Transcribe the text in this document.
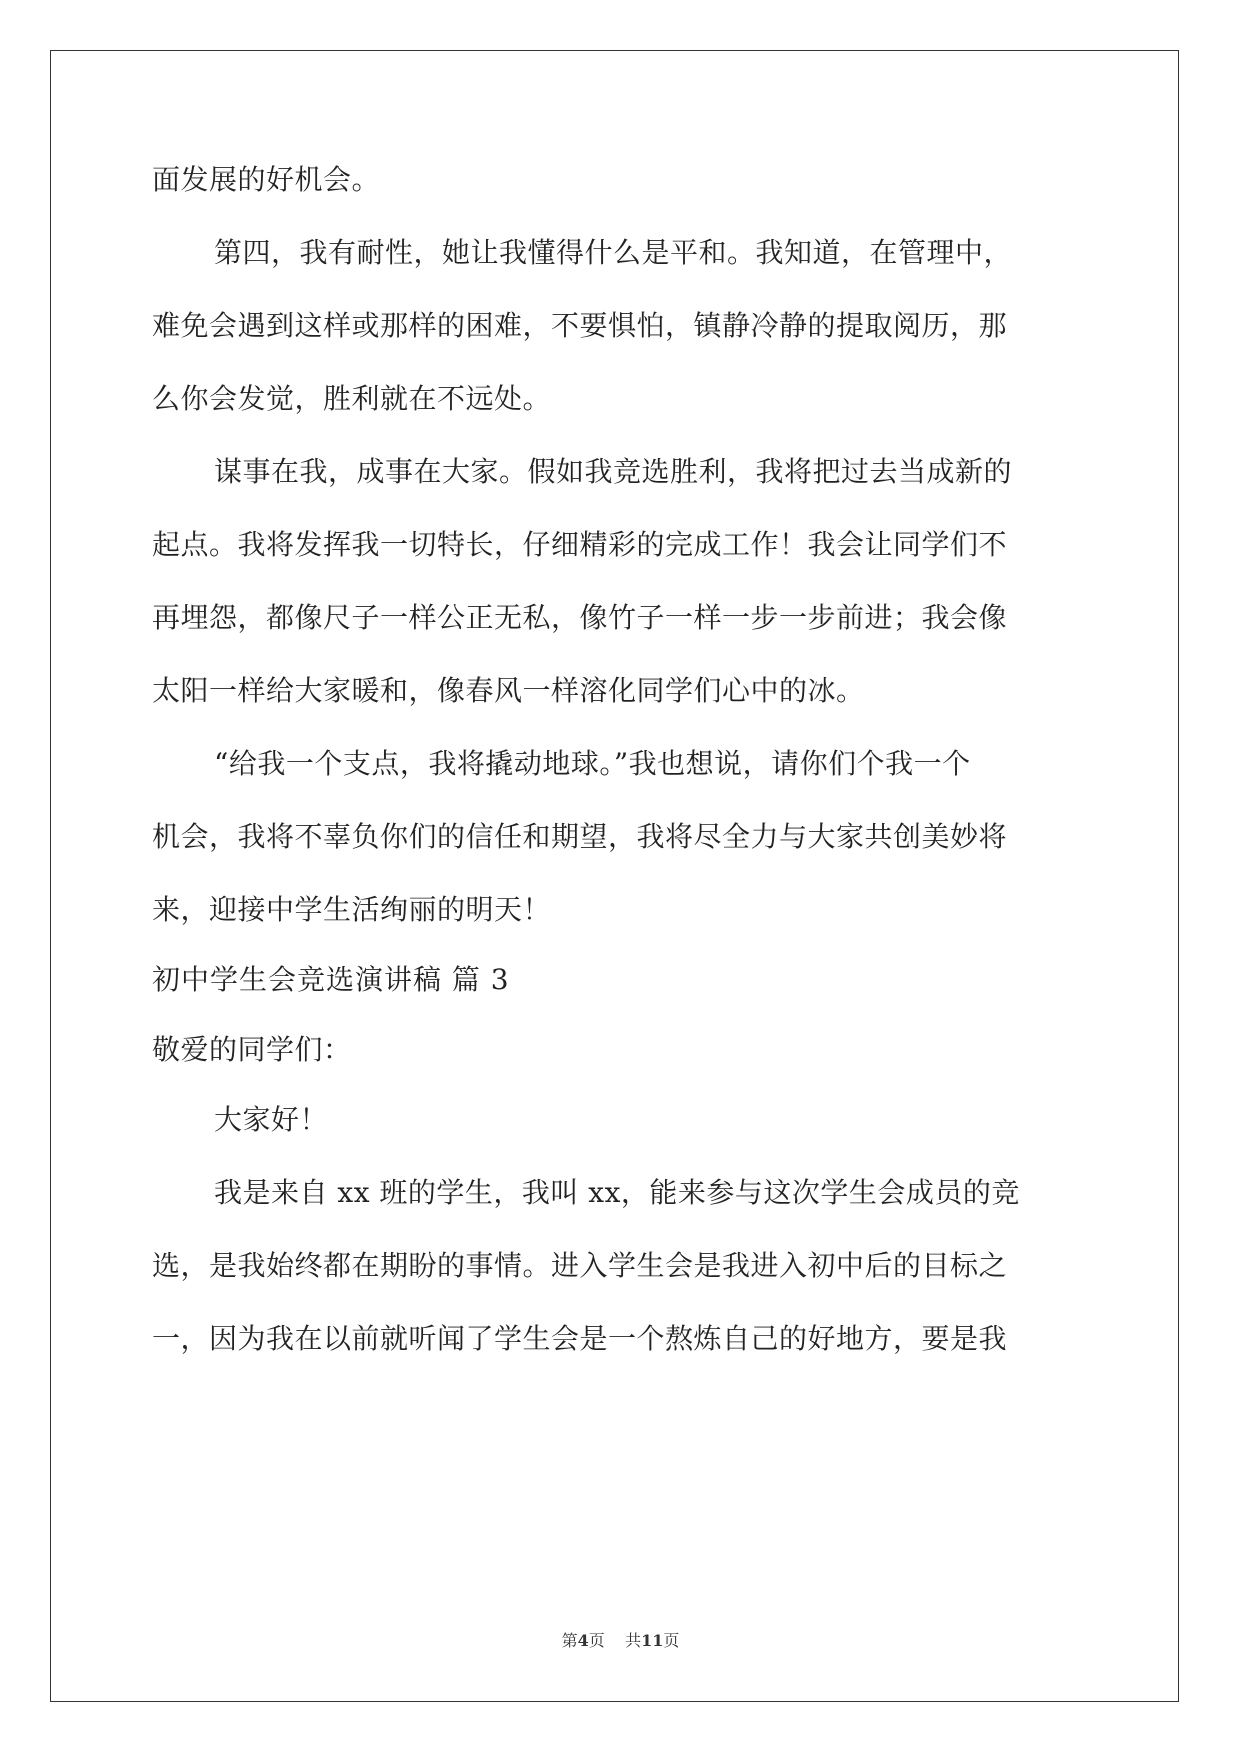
面发展的好机会。
第四，我有耐性，她让我懂得什么是平和。我知道，在管理中，
难免会遇到这样或那样的困难，不要惧怕，镇静冷静的提取阅历，那
么你会发觉，胜利就在不远处。
谋事在我，成事在大家。假如我竞选胜利，我将把过去当成新的
起点。我将发挥我一切特长，仔细精彩的完成工作！我会让同学们不
再埋怨，都像尺子一样公正无私，像竹子一样一步一步前进；我会像
太阳一样给大家暖和，像春风一样溶化同学们心中的冰。
“给我一个支点，我将撬动地球。”我也想说，请你们个我一个
机会，我将不辜负你们的信任和期望，我将尽全力与大家共创美妙将
来，迎接中学生活绚丽的明天！
初中学生会竞选演讲稿 篇 3
敬爱的同学们：
大家好！
我是来自 xx 班的学生，我叫 xx，能来参与这次学生会成员的竞
选，是我始终都在期盼的事情。进入学生会是我进入初中后的目标之
一，因为我在以前就听闻了学生会是一个熬炼自己的好地方，要是我
第4页 共11页
